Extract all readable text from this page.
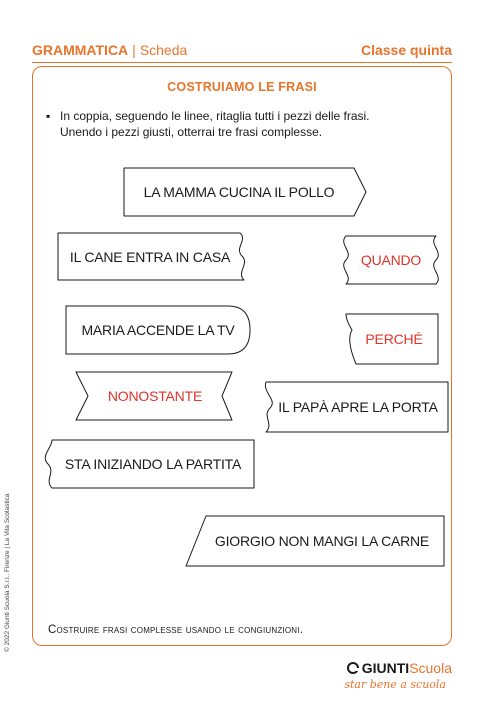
GRAMMATICA | Scheda	Classe quinta
COSTRUIAMO LE FRASI
▪ In coppia, seguendo le linee, ritaglia tutti i pezzi delle frasi.
Unendo i pezzi giusti, otterrai tre frasi complesse.
LA MAMMA CUCINA IL POLLO
IL CANE ENTRA IN CASA	QUANDO
MARIA ACCENDE LA TV
PERCHÉ
NONOSTANTE
IL PAPÀ APRE LA PORTA
STA INIZIANDO LA PARTITA
GIORGIO NON MANGI LA CARNE
Costruire frasi complesse usando le congiunzioni.
© 2022 Giunti Scuola S.r.l., Firenze | La Vita Scolastica
GIUNTI Scuola
star bene a scuola
